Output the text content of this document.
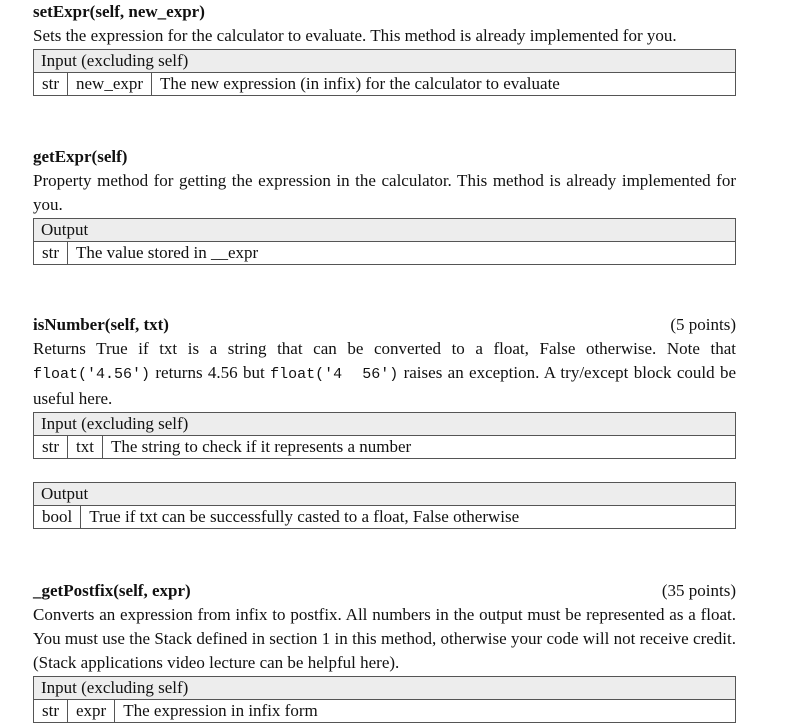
setExpr(self, new_expr)

Sets the expression for the calculator to evaluate. This method is already implemented for you.

Input (excluding self)
str	new_expr	The new expression (in infix) for the calculator to evaluate
getExpr(self)

Property method for getting the expression in the calculator. This method is already implemented for you.

Output
str	The value stored in __expr
isNumber(self, txt)	(5 points)

Returns True if txt is a string that can be converted to a float, False otherwise. Note that float('4.56') returns 4.56 but float('4  56') raises an exception. A try/except block could be useful here.

Input (excluding self)
str	txt	The string to check if it represents a number
Output
bool	True if txt can be successfully casted to a float, False otherwise
_getPostfix(self, expr)	(35 points)

Converts an expression from infix to postfix. All numbers in the output must be represented as a float. You must use the Stack defined in section 1 in this method, otherwise your code will not receive credit. (Stack applications video lecture can be helpful here).

Input (excluding self)
str	expr	The expression in infix form
